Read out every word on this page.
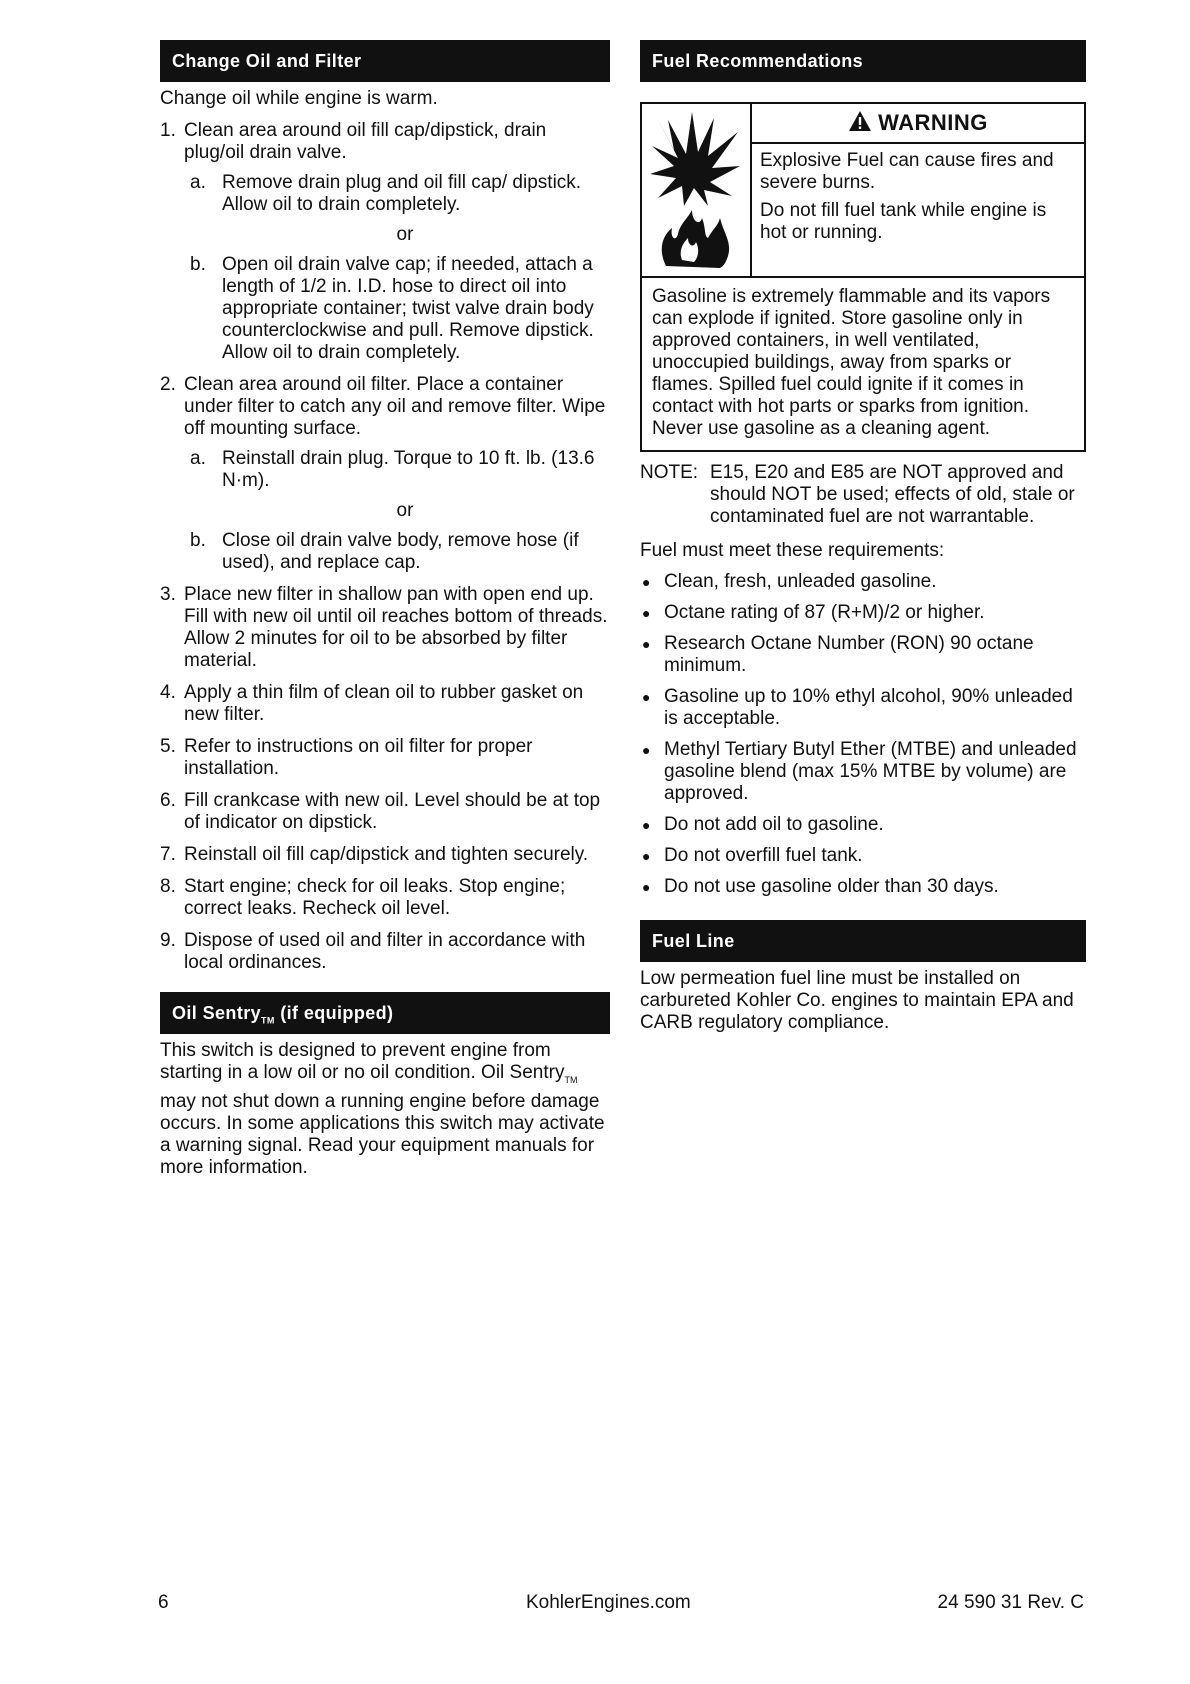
Change Oil and Filter

Change oil while engine is warm.

1. Clean area around oil fill cap/dipstick, drain plug/oil drain valve.
a. Remove drain plug and oil fill cap/ dipstick. Allow oil to drain completely.
or
b. Open oil drain valve cap; if needed, attach a length of 1/2 in. I.D. hose to direct oil into appropriate container; twist valve drain body counterclockwise and pull. Remove dipstick. Allow oil to drain completely.
2. Clean area around oil filter. Place a container under filter to catch any oil and remove filter. Wipe off mounting surface.
a. Reinstall drain plug. Torque to 10 ft. lb. (13.6 N·m).
or
b. Close oil drain valve body, remove hose (if used), and replace cap.
3. Place new filter in shallow pan with open end up. Fill with new oil until oil reaches bottom of threads. Allow 2 minutes for oil to be absorbed by filter material.
4. Apply a thin film of clean oil to rubber gasket on new filter.
5. Refer to instructions on oil filter for proper installation.
6. Fill crankcase with new oil. Level should be at top of indicator on dipstick.
7. Reinstall oil fill cap/dipstick and tighten securely.
8. Start engine; check for oil leaks. Stop engine; correct leaks. Recheck oil level.
9. Dispose of used oil and filter in accordance with local ordinances.
Oil Sentry$_{TM}$ (if equipped)

This switch is designed to prevent engine from starting in a low oil or no oil condition. Oil Sentry$_{TM}$ may not shut down a running engine before damage occurs. In some applications this switch may activate a warning signal. Read your equipment manuals for more information.

Fuel Recommendations
WARNING

Explosive Fuel can cause fires and severe burns.

Do not fill fuel tank while engine is hot or running.

Gasoline is extremely flammable and its vapors can explode if ignited. Store gasoline only in approved containers, in well ventilated, unoccupied buildings, away from sparks or flames. Spilled fuel could ignite if it comes in contact with hot parts or sparks from ignition. Never use gasoline as a cleaning agent.

NOTE: E15, E20 and E85 are NOT approved and should NOT be used; effects of old, stale or contaminated fuel are not warrantable.

Fuel must meet these requirements:

● Clean, fresh, unleaded gasoline.
● Octane rating of 87 (R+M)/2 or higher.
● Research Octane Number (RON) 90 octane minimum.
● Gasoline up to 10% ethyl alcohol, 90% unleaded is acceptable.
● Methyl Tertiary Butyl Ether (MTBE) and unleaded gasoline blend (max 15% MTBE by volume) are approved.
● Do not add oil to gasoline.
● Do not overfill fuel tank.
● Do not use gasoline older than 30 days.
Fuel Line

Low permeation fuel line must be installed on carbureted Kohler Co. engines to maintain EPA and CARB regulatory compliance.

6	KohlerEngines.com	24 590 31 Rev. C
